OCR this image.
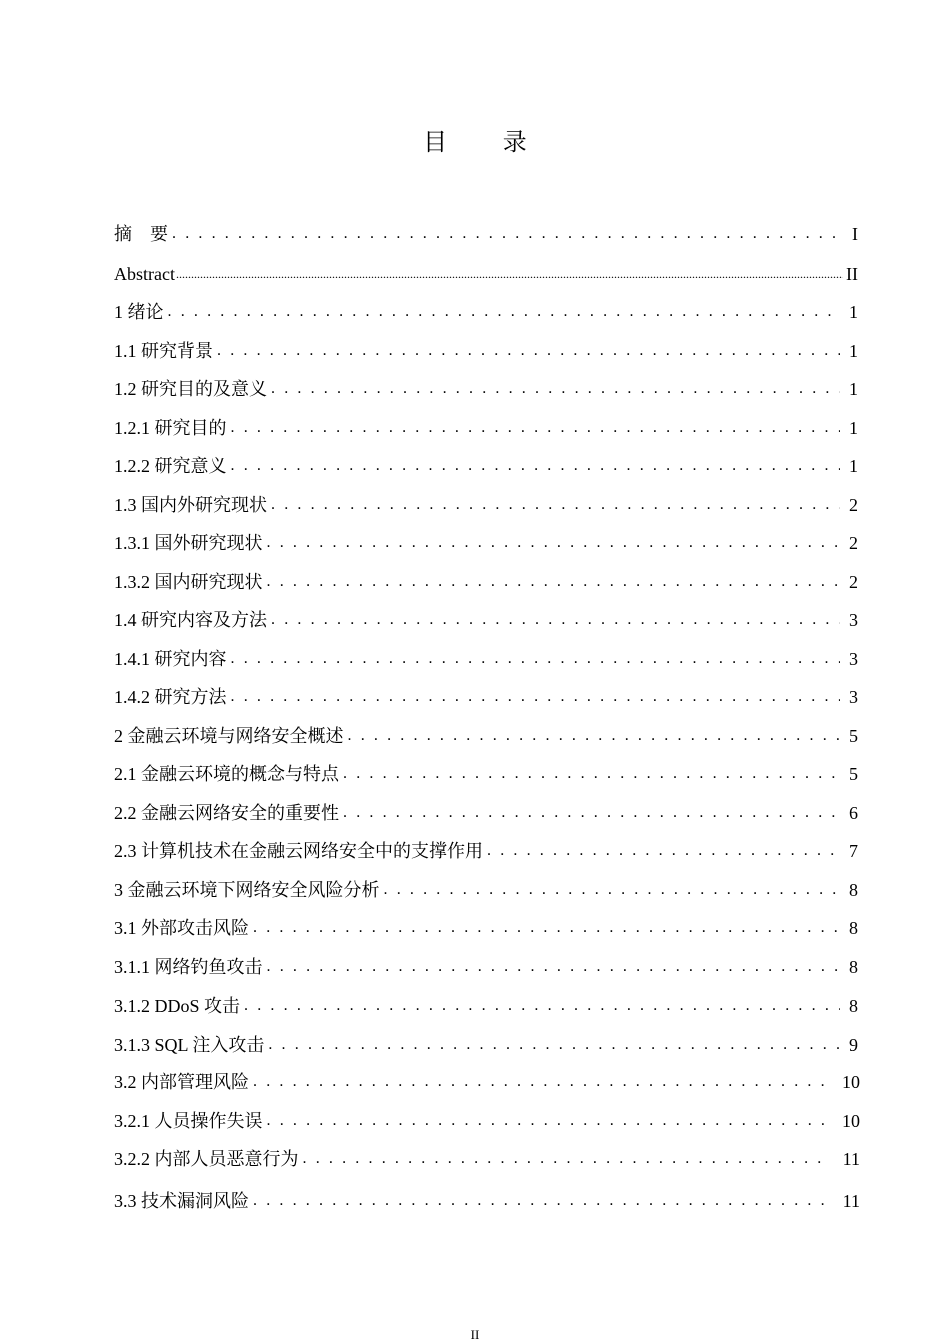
目 录
摘　要 . . .	I
Abstract .....	II
1 绪论 . . .	1
1.1 研究背景 . . .	1
1.2 研究目的及意义 . . .	1
1.2.1 研究目的 . . .	1
1.2.2 研究意义 . . .	1
1.3 国内外研究现状 . . .	2
1.3.1 国外研究现状 . . .	2
1.3.2 国内研究现状 . . .	2
1.4 研究内容及方法 . . .	3
1.4.1 研究内容 . . .	3
1.4.2 研究方法 . . .	3
2 金融云环境与网络安全概述 . . .	5
2.1 金融云环境的概念与特点 . . .	5
2.2 金融云网络安全的重要性 . . .	6
2.3 计算机技术在金融云网络安全中的支撑作用 . . .	7
3 金融云环境下网络安全风险分析 . . .	8
3.1 外部攻击风险 . . .	8
3.1.1 网络钓鱼攻击 . . .	8
3.1.2 DDoS 攻击 . . .	8
3.1.3 SQL 注入攻击 . . .	9
3.2 内部管理风险 . . .	10
3.2.1 人员操作失误 . . .	10
3.2.2 内部人员恶意行为 . . .	11
3.3 技术漏洞风险 . . .	11
II
